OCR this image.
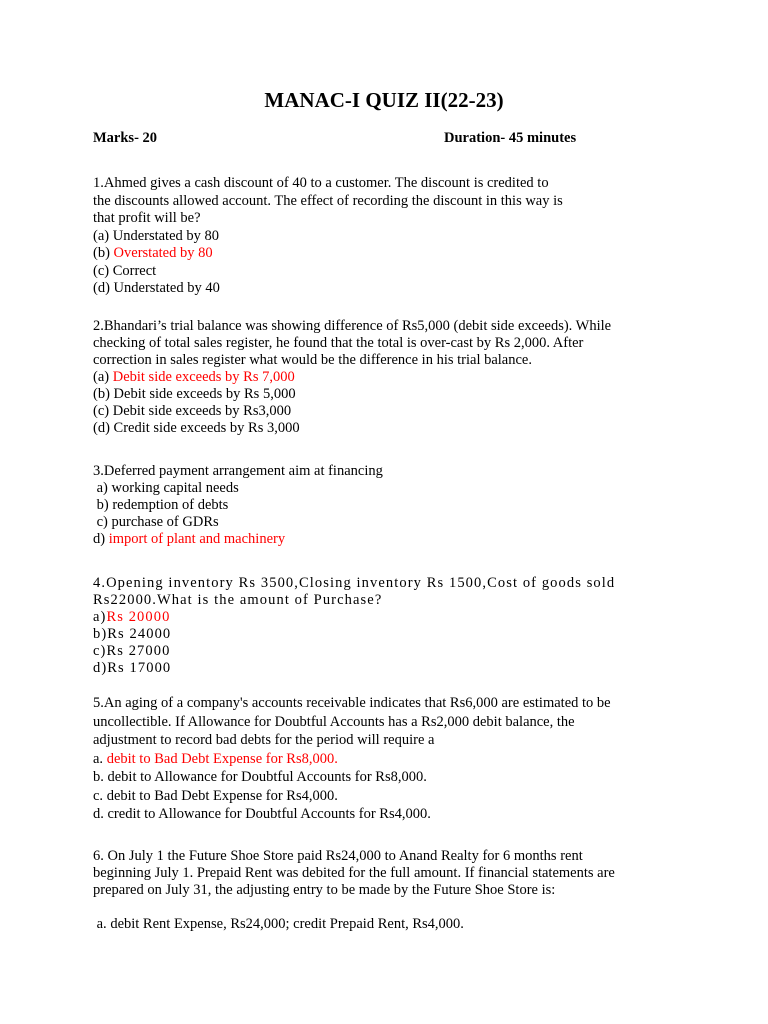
MANAC-I QUIZ II(22-23)
Marks- 20	Duration- 45 minutes
1.Ahmed gives a cash discount of 40 to a customer. The discount is credited to
the discounts allowed account. The effect of recording the discount in this way is
that profit will be?
(a) Understated by 80
(b) Overstated by 80
(c) Correct
(d) Understated by 40
2.Bhandari’s trial balance was showing difference of Rs5,000 (debit side exceeds). While
checking of total sales register, he found that the total is over-cast by Rs 2,000. After
correction in sales register what would be the difference in his trial balance.
(a) Debit side exceeds by Rs 7,000
(b) Debit side exceeds by Rs 5,000
(c) Debit side exceeds by Rs3,000
(d) Credit side exceeds by Rs 3,000
3.Deferred payment arrangement aim at financing
a) working capital needs
b) redemption of debts
c) purchase of GDRs
d) import of plant and machinery
4.Opening inventory Rs 3500,Closing inventory Rs 1500,Cost of goods sold
Rs22000.What is the amount of Purchase?
a)Rs 20000
b)Rs 24000
c)Rs 27000
d)Rs 17000
5.An aging of a company's accounts receivable indicates that Rs6,000 are estimated to be
uncollectible. If Allowance for Doubtful Accounts has a Rs2,000 debit balance, the
adjustment to record bad debts for the period will require a
a. debit to Bad Debt Expense for Rs8,000.
b. debit to Allowance for Doubtful Accounts for Rs8,000.
c. debit to Bad Debt Expense for Rs4,000.
d. credit to Allowance for Doubtful Accounts for Rs4,000.
6. On July 1 the Future Shoe Store paid Rs24,000 to Anand Realty for 6 months rent
beginning July 1. Prepaid Rent was debited for the full amount. If financial statements are
prepared on July 31, the adjusting entry to be made by the Future Shoe Store is:
a. debit Rent Expense, Rs24,000; credit Prepaid Rent, Rs4,000.
